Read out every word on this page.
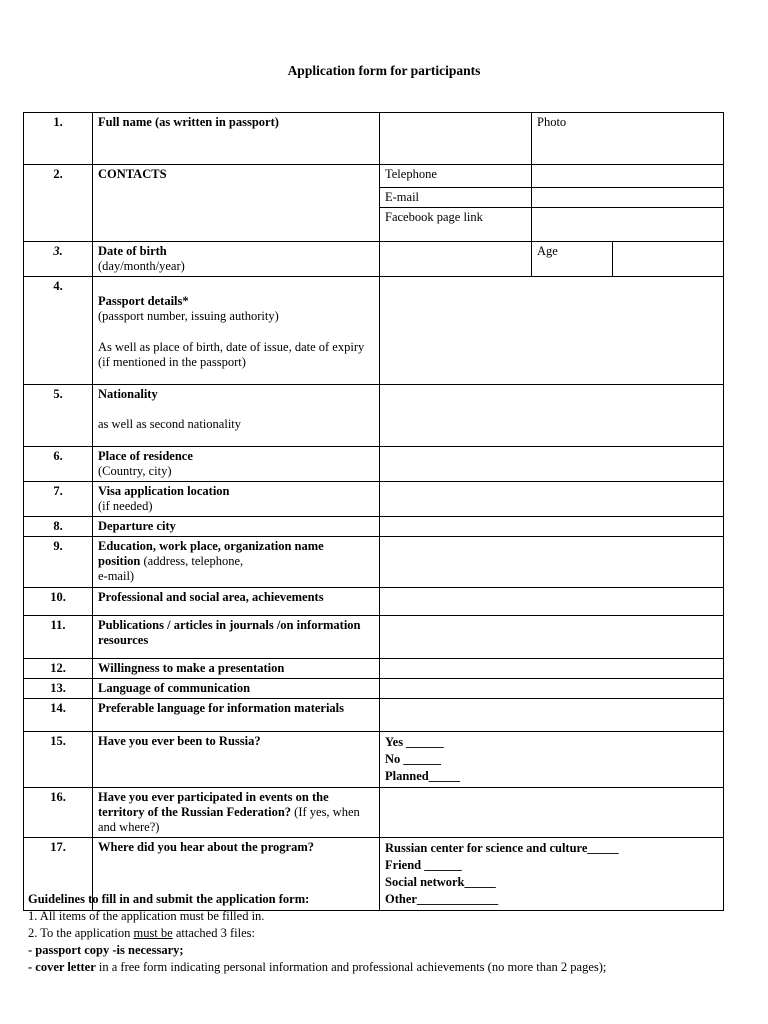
Application form for participants
1.	Full name (as written in passport)		Photo	
2.	CONTACTS	Telephone		
		E-mail		
		Facebook page link		
3.	Date of birth
(day/month/year)		Age	
4.	Passport details*
(passport number, issuing authority)
As well as place of birth, date of issue, date of expiry (if mentioned in the passport)			
5.	Nationality
as well as second nationality			
6.	Place of residence
(Country, city)			
7.	Visa application location
(if needed)			
8.	Departure city			
9.	Education, work place, organization name
position (address, telephone,
e-mail)			
10.	Professional and social area, achievements			
11.	Publications / articles in journals /on information resources			
12.	Willingness to make a presentation			
13.	Language of communication			
14.	Preferable language for information materials			
15.	Have you ever been to Russia?	Yes ______
No ______
Planned_____		
16.	Have you ever participated in events on the territory of the Russian Federation? (If yes, when and where?)			
17.	Where did you hear about the program?	Russian center for science and culture_____
Friend ______
Social network_____
Other_____________		
Guidelines to fill in and submit the application form:
1. All items of the application must be filled in.
2. To the application must be attached 3 files:
- passport copy -is necessary;
- cover letter in a free form indicating personal information and professional achievements (no more than 2 pages);
